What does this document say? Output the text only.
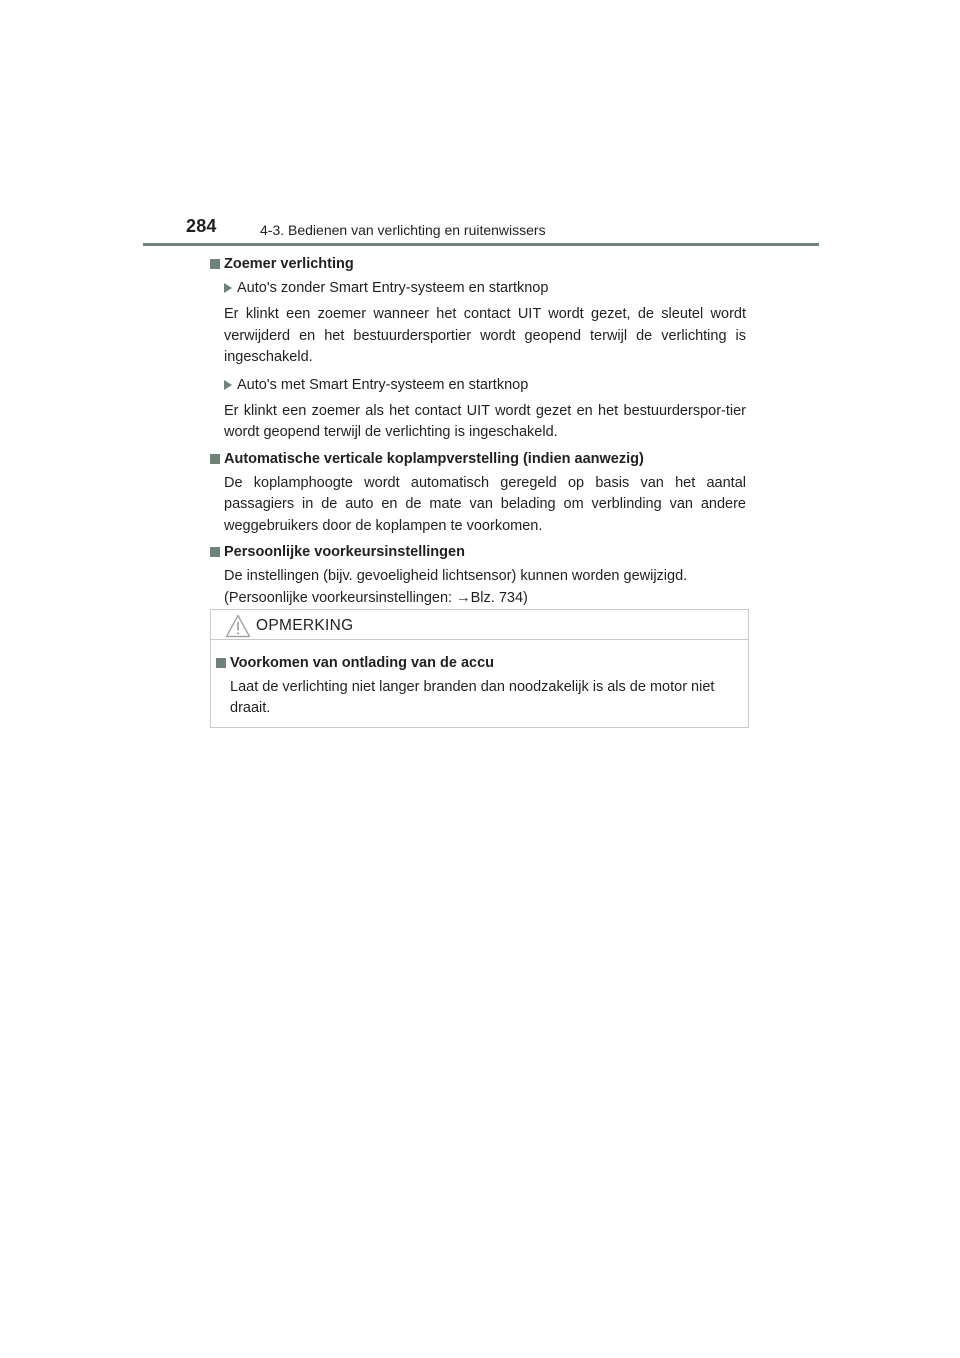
284	4-3. Bedienen van verlichting en ruitenwissers
Zoemer verlichting
Auto's zonder Smart Entry-systeem en startknop
Er klinkt een zoemer wanneer het contact UIT wordt gezet, de sleutel wordt verwijderd en het bestuurdersportier wordt geopend terwijl de verlichting is ingeschakeld.
Auto's met Smart Entry-systeem en startknop
Er klinkt een zoemer als het contact UIT wordt gezet en het bestuurderspor-tier wordt geopend terwijl de verlichting is ingeschakeld.
Automatische verticale koplampverstelling (indien aanwezig)
De koplamphoogte wordt automatisch geregeld op basis van het aantal passagiers in de auto en de mate van belading om verblinding van andere weggebruikers door de koplampen te voorkomen.
Persoonlijke voorkeursinstellingen
De instellingen (bijv. gevoeligheid lichtsensor) kunnen worden gewijzigd.
(Persoonlijke voorkeursinstellingen: →Blz. 734)
OPMERKING
Voorkomen van ontlading van de accu
Laat de verlichting niet langer branden dan noodzakelijk is als de motor niet draait.
